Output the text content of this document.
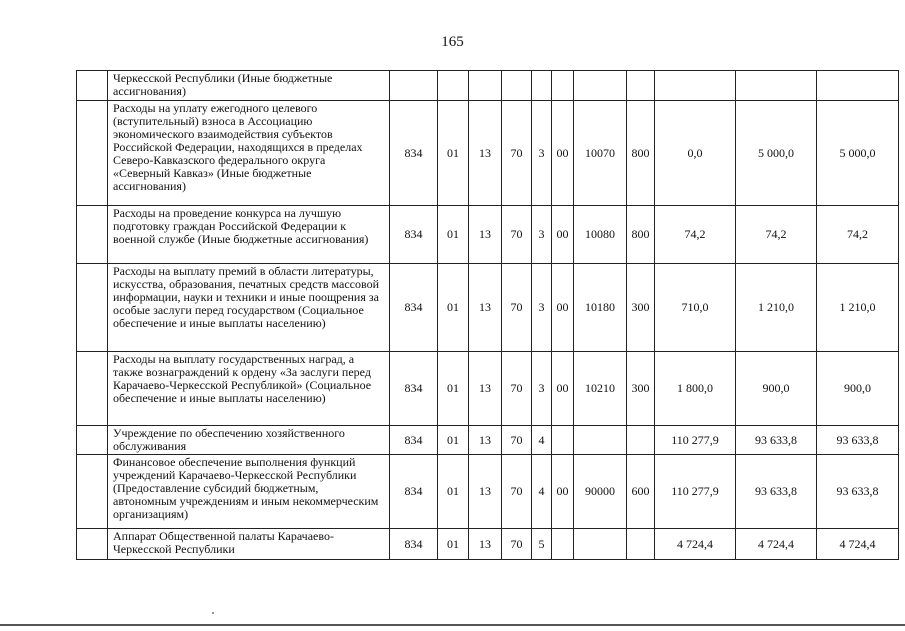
165
	Черкесской Республики (Иные бюджетные ассигнования)											
	Расходы на уплату ежегодного целевого (вступительный) взноса в Ассоциацию экономического взаимодействия субъектов Российской Федерации, находящихся в пределах Северо-Кавказского федерального округа «Северный Кавказ» (Иные бюджетные ассигнования)	834	01	13	70	3	00	10070	800	0,0	5 000,0	5 000,0
	Расходы на проведение конкурса на лучшую подготовку граждан Российской Федерации к военной службе (Иные бюджетные ассигнования)	834	01	13	70	3	00	10080	800	74,2	74,2	74,2
	Расходы на выплату премий в области литературы, искусства, образования, печатных средств массовой информации, науки и техники и иные поощрения за особые заслуги перед государством (Социальное обеспечение и иные выплаты населению)	834	01	13	70	3	00	10180	300	710,0	1 210,0	1 210,0
	Расходы на выплату государственных наград, а также вознаграждений к ордену «За заслуги перед Карачаево-Черкесской Республикой» (Социальное обеспечение и иные выплаты населению)	834	01	13	70	3	00	10210	300	1 800,0	900,0	900,0
	Учреждение по обеспечению хозяйственного обслуживания	834	01	13	70	4				110 277,9	93 633,8	93 633,8
	Финансовое обеспечение выполнения функций учреждений Карачаево-Черкесской Республики (Предоставление субсидий бюджетным, автономным учреждениям и иным некоммерческим организациям)	834	01	13	70	4	00	90000	600	110 277,9	93 633,8	93 633,8
	Аппарат Общественной палаты Карачаево-Черкесской Республики	834	01	13	70	5				4 724,4	4 724,4	4 724,4
